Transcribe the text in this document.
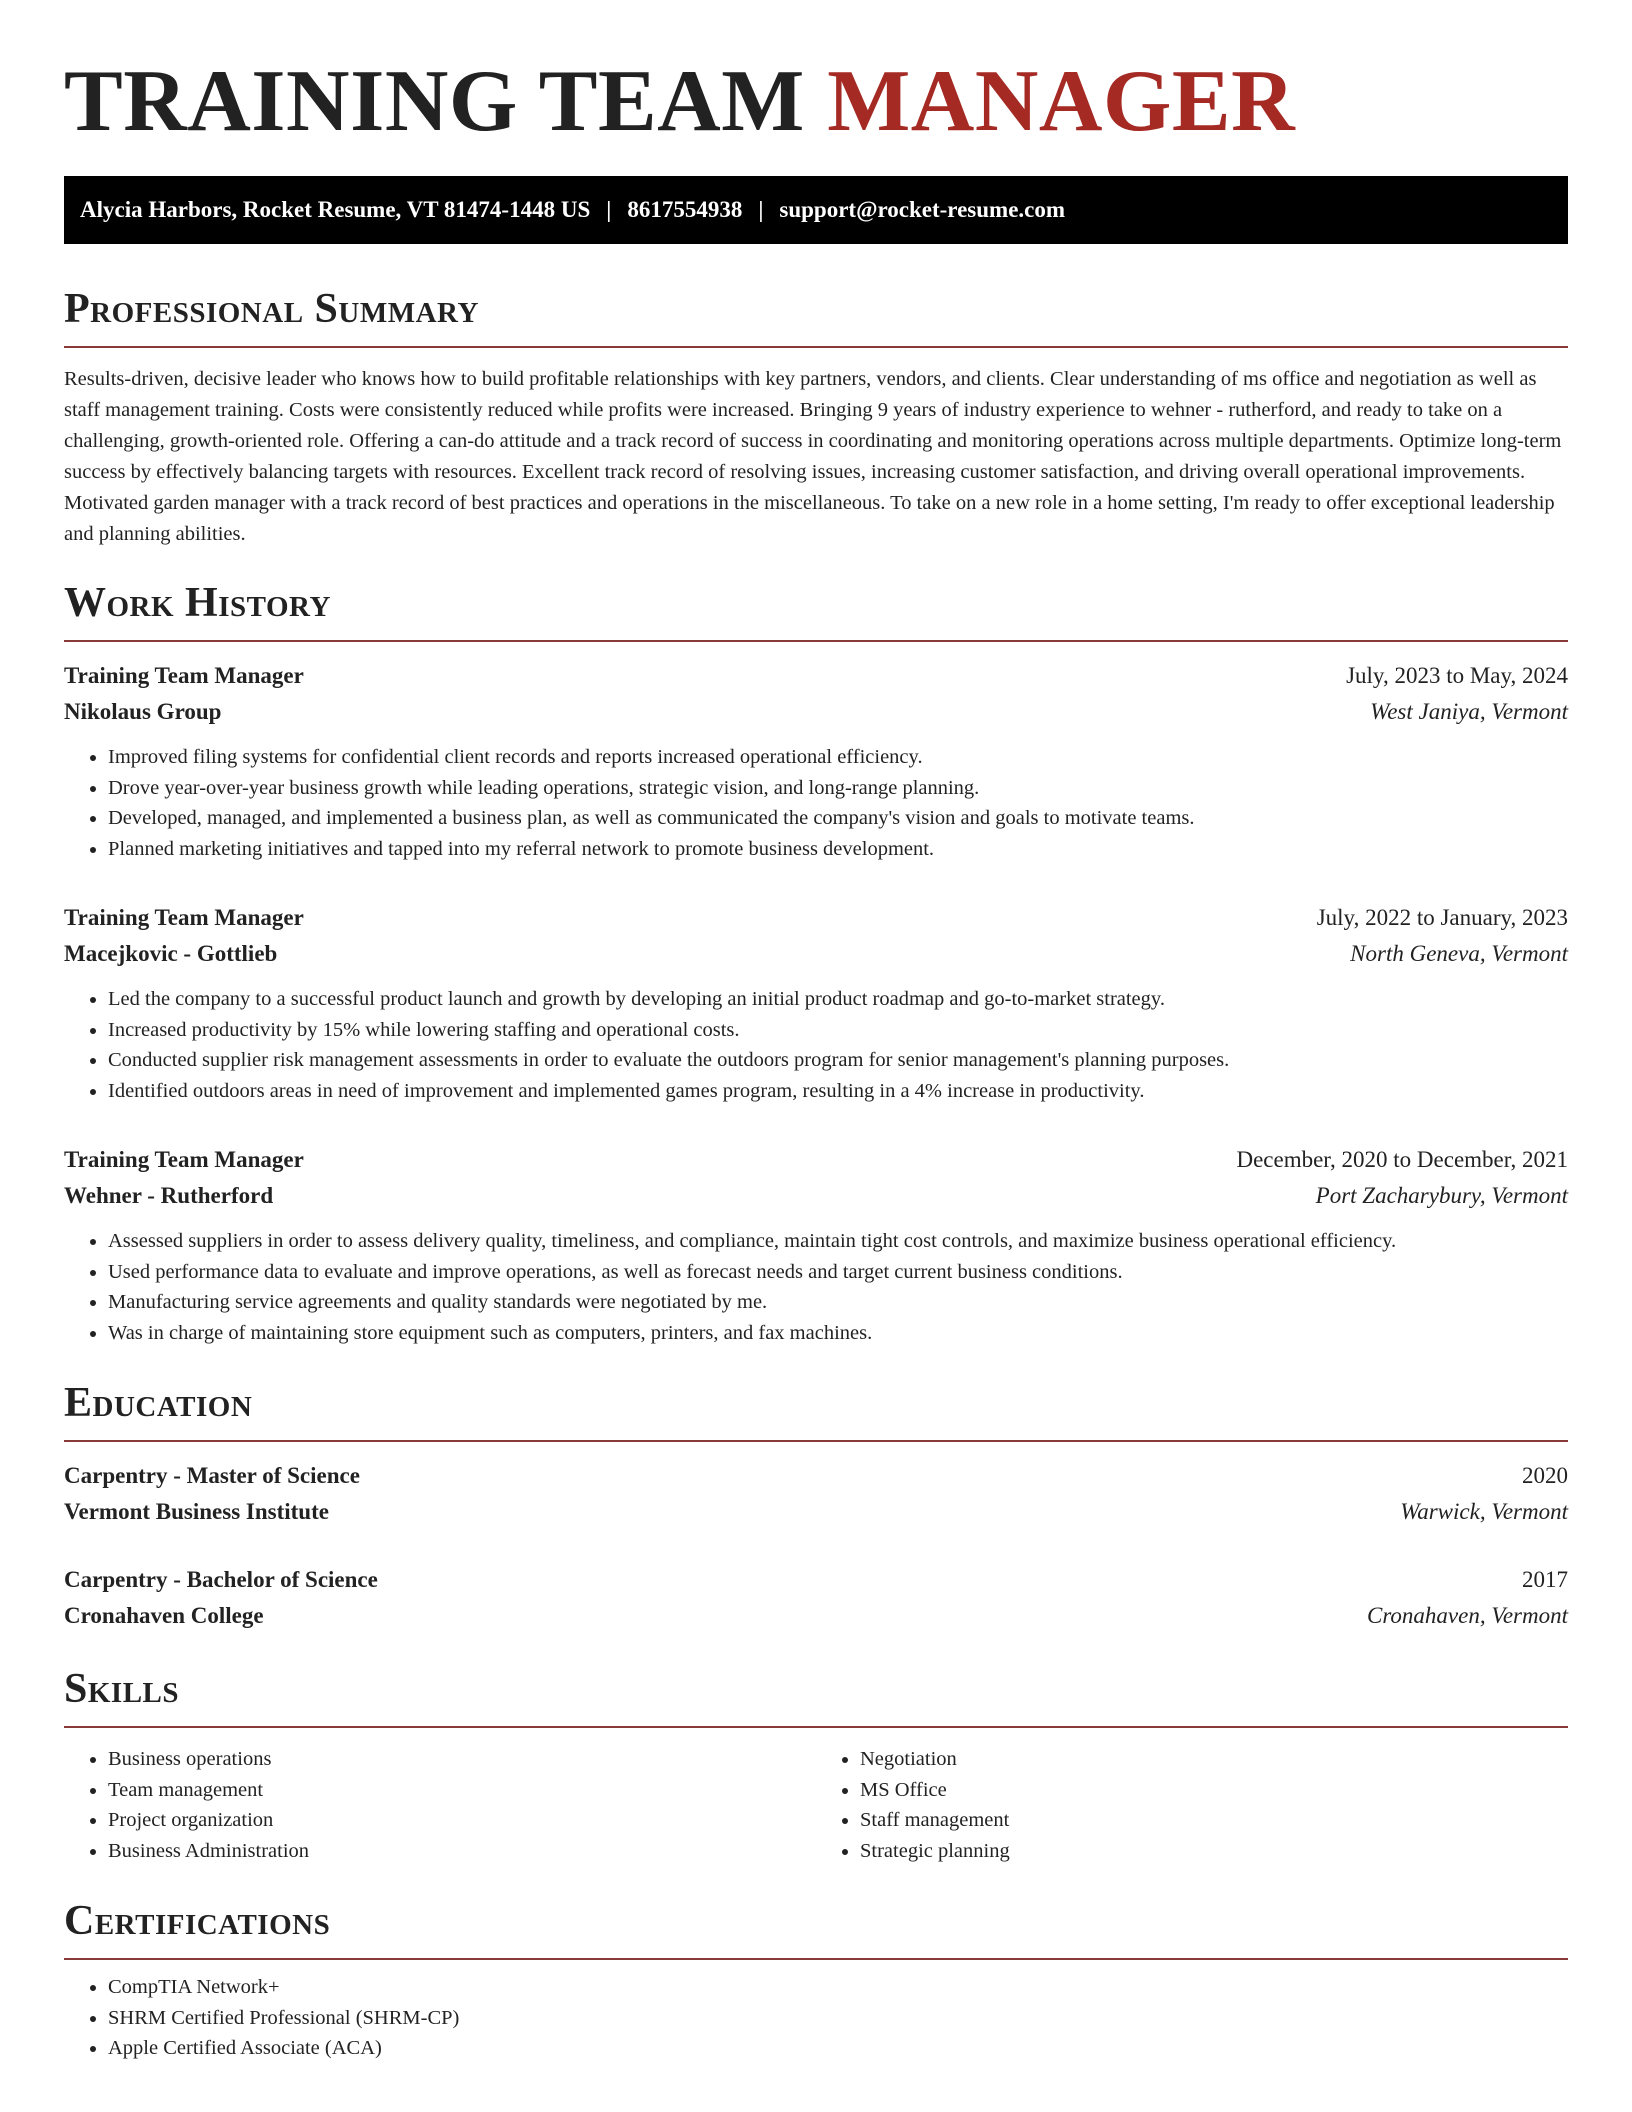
TRAINING TEAM MANAGER
Alycia Harbors, Rocket Resume, VT 81474-1448 US | 8617554938 | support@rocket-resume.com
Professional Summary

Results-driven, decisive leader who knows how to build profitable relationships with key partners, vendors, and clients. Clear understanding of ms office and negotiation as well as staff management training. Costs were consistently reduced while profits were increased. Bringing 9 years of industry experience to wehner - rutherford, and ready to take on a challenging, growth-oriented role. Offering a can-do attitude and a track record of success in coordinating and monitoring operations across multiple departments. Optimize long-term success by effectively balancing targets with resources. Excellent track record of resolving issues, increasing customer satisfaction, and driving overall operational improvements. Motivated garden manager with a track record of best practices and operations in the miscellaneous. To take on a new role in a home setting, I'm ready to offer exceptional leadership and planning abilities.

Work History
Training Team Manager	July, 2023 to May, 2024
Nikolaus Group	West Janiya, Vermont
• Improved filing systems for confidential client records and reports increased operational efficiency.
• Drove year-over-year business growth while leading operations, strategic vision, and long-range planning.
• Developed, managed, and implemented a business plan, as well as communicated the company's vision and goals to motivate teams.
• Planned marketing initiatives and tapped into my referral network to promote business development.
Training Team Manager	July, 2022 to January, 2023
Macejkovic - Gottlieb	North Geneva, Vermont
• Led the company to a successful product launch and growth by developing an initial product roadmap and go-to-market strategy.
• Increased productivity by 15% while lowering staffing and operational costs.
• Conducted supplier risk management assessments in order to evaluate the outdoors program for senior management's planning purposes.
• Identified outdoors areas in need of improvement and implemented games program, resulting in a 4% increase in productivity.
Training Team Manager	December, 2020 to December, 2021
Wehner - Rutherford	Port Zacharybury, Vermont
• Assessed suppliers in order to assess delivery quality, timeliness, and compliance, maintain tight cost controls, and maximize business operational efficiency.
• Used performance data to evaluate and improve operations, as well as forecast needs and target current business conditions.
• Manufacturing service agreements and quality standards were negotiated by me.
• Was in charge of maintaining store equipment such as computers, printers, and fax machines.
Education
Carpentry - Master of Science	2020
Vermont Business Institute	Warwick, Vermont
Carpentry - Bachelor of Science	2017
Cronahaven College	Cronahaven, Vermont
Skills
• Business operations
• Team management
• Project organization
• Business Administration
• Negotiation
• MS Office
• Staff management
• Strategic planning
Certifications
• CompTIA Network+
• SHRM Certified Professional (SHRM-CP)
• Apple Certified Associate (ACA)
